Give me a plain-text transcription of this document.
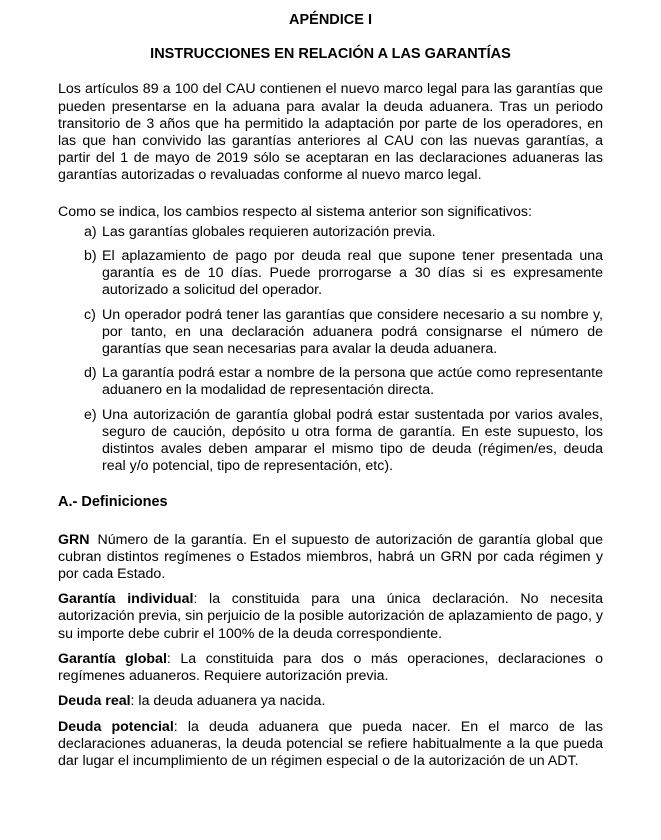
APÉNDICE I
INSTRUCCIONES EN RELACIÓN A LAS GARANTÍAS

Los artículos 89 a 100 del CAU contienen el nuevo marco legal para las garantías que pueden presentarse en la aduana para avalar la deuda aduanera. Tras un periodo transitorio de 3 años que ha permitido la adaptación por parte de los operadores, en las que han convivido las garantías anteriores al CAU con las nuevas garantías, a partir del 1 de mayo de 2019 sólo se aceptaran en las declaraciones aduaneras las garantías autorizadas o revaluadas conforme al nuevo marco legal.

Como se indica, los cambios respecto al sistema anterior son significativos:

a) Las garantías globales requieren autorización previa.
b) El aplazamiento de pago por deuda real que supone tener presentada una garantía es de 10 días. Puede prorrogarse a 30 días si es expresamente autorizado a solicitud del operador.
c) Un operador podrá tener las garantías que considere necesario a su nombre y, por tanto, en una declaración aduanera podrá consignarse el número de garantías que sean necesarias para avalar la deuda aduanera.
d) La garantía podrá estar a nombre de la persona que actúe como representante aduanero en la modalidad de representación directa.
e) Una autorización de garantía global podrá estar sustentada por varios avales, seguro de caución, depósito u otra forma de garantía. En este supuesto, los distintos avales deben amparar el mismo tipo de deuda (régimen/es, deuda real y/o potencial, tipo de representación, etc).
A.- Definiciones

GRN Número de la garantía. En el supuesto de autorización de garantía global que cubran distintos regímenes o Estados miembros, habrá un GRN por cada régimen y por cada Estado.

Garantía individual: la constituida para una única declaración. No necesita autorización previa, sin perjuicio de la posible autorización de aplazamiento de pago, y su importe debe cubrir el 100% de la deuda correspondiente.

Garantía global: La constituida para dos o más operaciones, declaraciones o regímenes aduaneros. Requiere autorización previa.

Deuda real: la deuda aduanera ya nacida.

Deuda potencial: la deuda aduanera que pueda nacer. En el marco de las declaraciones aduaneras, la deuda potencial se refiere habitualmente a la que pueda dar lugar el incumplimiento de un régimen especial o de la autorización de un ADT.
